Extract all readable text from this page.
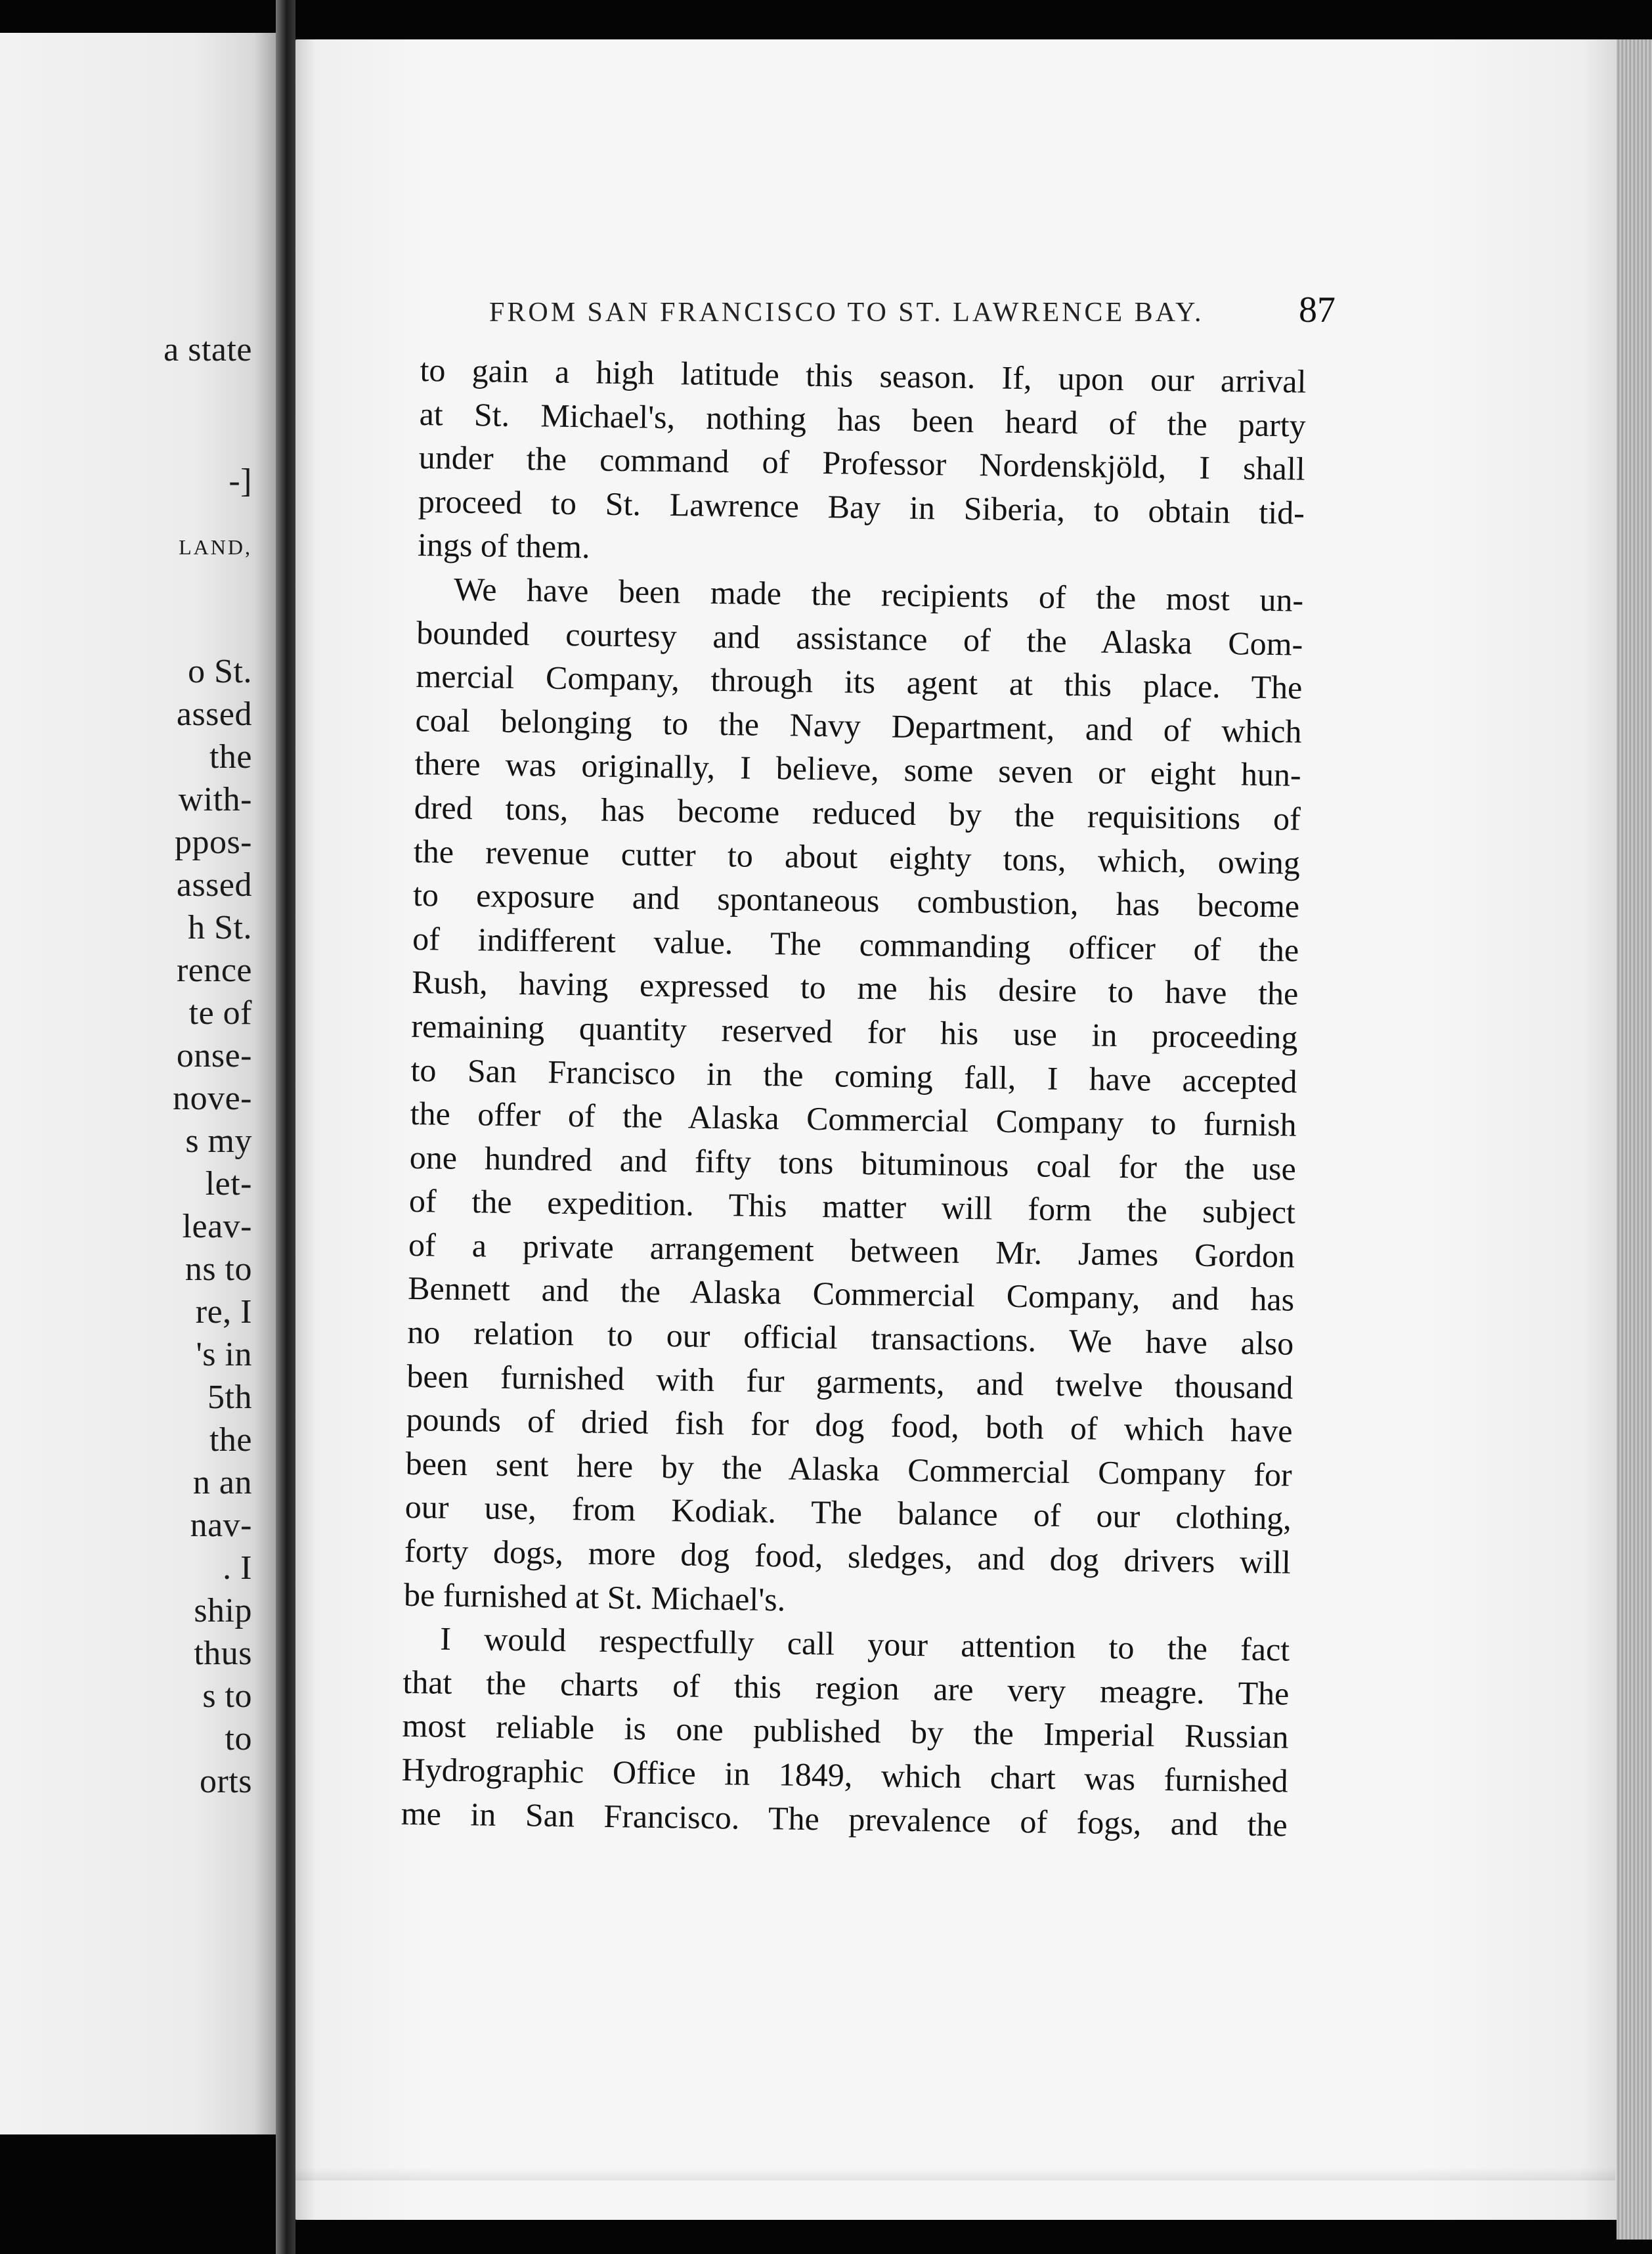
a state
-]
LAND,
o St.
assed
the
with-
ppos-
assed
h St.
rence
te of
onse-
nove-
s my
let-
leav-
ns to
re, I
's in
5th
the
n an
nav-
. I
ship
thus
s to
to
orts
FROM SAN FRANCISCO TO ST. LAWRENCE BAY.	87
to gain a high latitude this season. If, upon our arrival
at St. Michael's, nothing has been heard of the party
under the command of Professor Nordenskjöld, I shall
proceed to St. Lawrence Bay in Siberia, to obtain tid-
ings of them.
We have been made the recipients of the most un-
bounded courtesy and assistance of the Alaska Com-
mercial Company, through its agent at this place. The
coal belonging to the Navy Department, and of which
there was originally, I believe, some seven or eight hun-
dred tons, has become reduced by the requisitions of
the revenue cutter to about eighty tons, which, owing
to exposure and spontaneous combustion, has become
of indifferent value. The commanding officer of the
Rush, having expressed to me his desire to have the
remaining quantity reserved for his use in proceeding
to San Francisco in the coming fall, I have accepted
the offer of the Alaska Commercial Company to furnish
one hundred and fifty tons bituminous coal for the use
of the expedition. This matter will form the subject
of a private arrangement between Mr. James Gordon
Bennett and the Alaska Commercial Company, and has
no relation to our official transactions. We have also
been furnished with fur garments, and twelve thousand
pounds of dried fish for dog food, both of which have
been sent here by the Alaska Commercial Company for
our use, from Kodiak. The balance of our clothing,
forty dogs, more dog food, sledges, and dog drivers will
be furnished at St. Michael's.
I would respectfully call your attention to the fact
that the charts of this region are very meagre. The
most reliable is one published by the Imperial Russian
Hydrographic Office in 1849, which chart was furnished
me in San Francisco. The prevalence of fogs, and the
